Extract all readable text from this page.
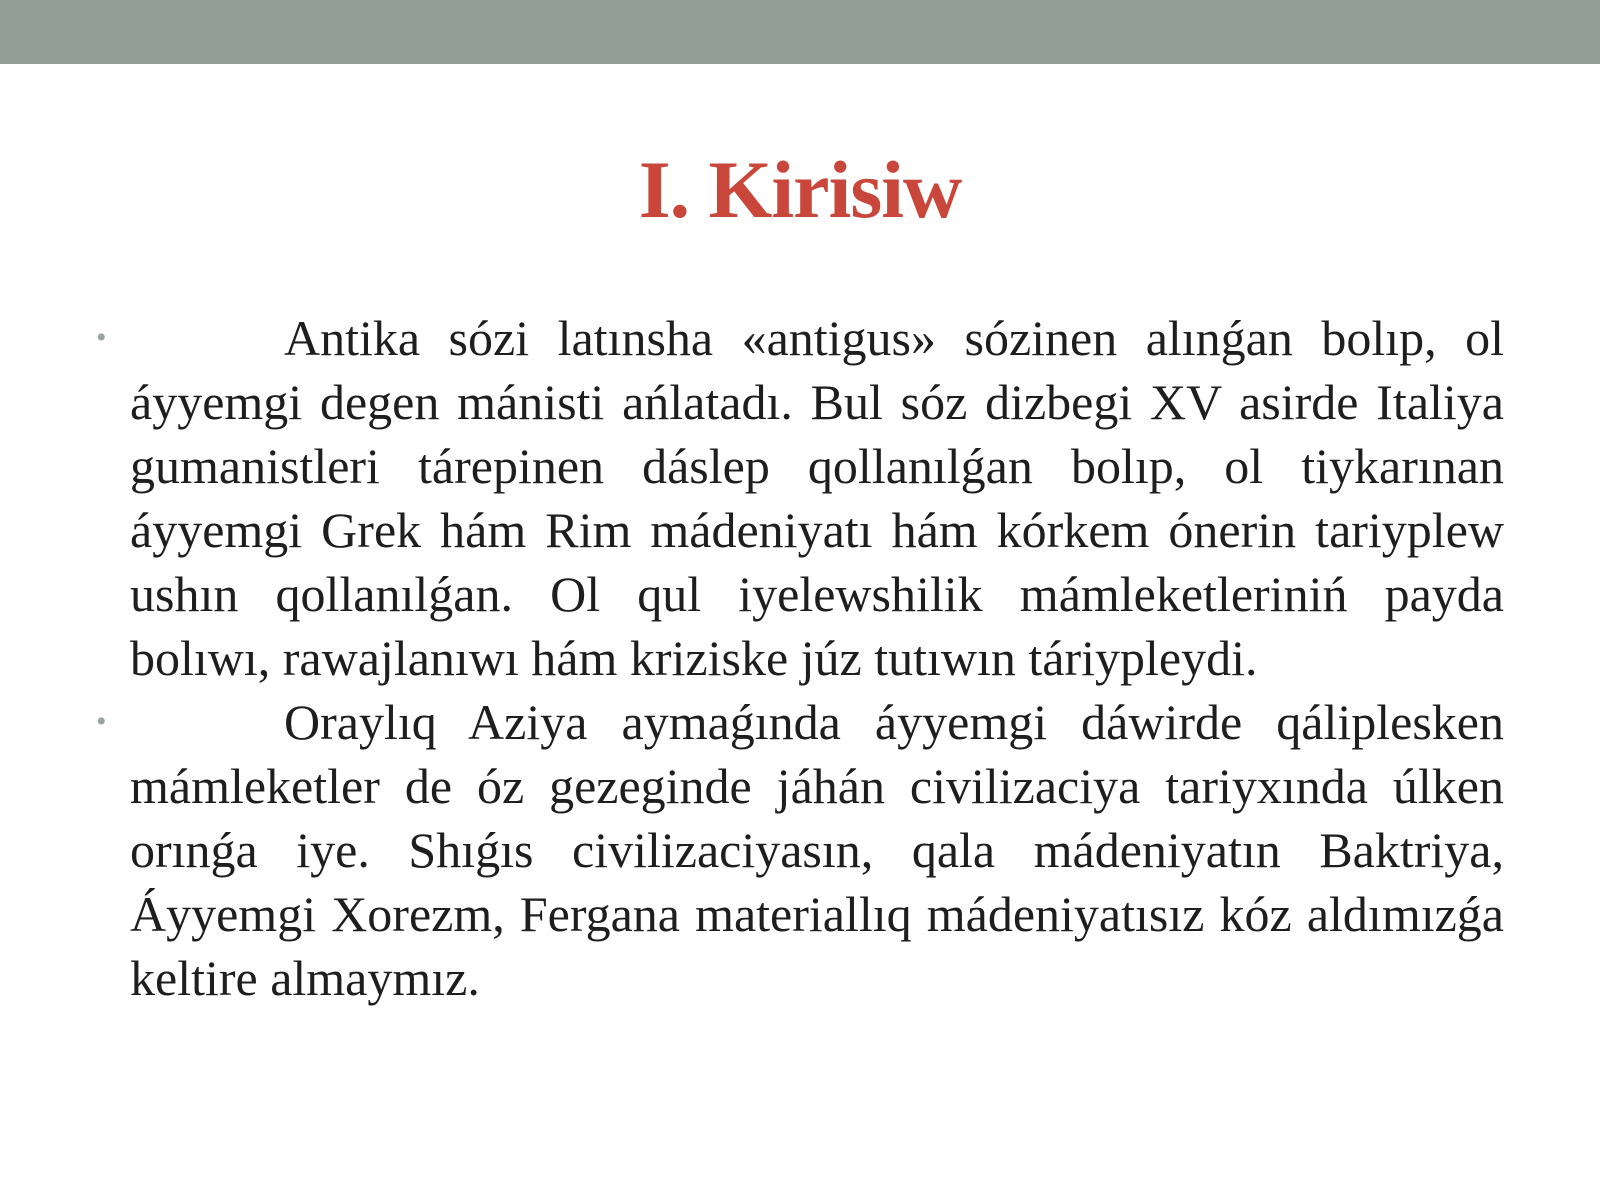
I. Kirisiw
•	Antika sózi latınsha «antigus» sózinen alınǵan bolıp, ol áyyemgi degen mánisti ańlatadı. Bul sóz dizbegi XV asirde Italiya gumanistleri tárepinen dáslep qollanılǵan bolıp, ol tiykarınan áyyemgi Grek hám Rim mádeniyatı hám kórkem ónerin tariyplew ushın qollanılǵan. Ol qul iyelewshilik mámleketleriniń payda bolıwı, rawajlanıwı hám kriziske júz tutıwın táriypleydi.
•	Oraylıq Aziya aymaǵında áyyemgi dáwirde qáliplesken mámleketler de óz gezeginde jáhán civilizaciya tariyxında úlken orınǵa iye. Shıǵıs civilizaciyasın, qala mádeniyatın Baktriya, Áyyemgi Xorezm, Fergana materiallıq mádeniyatısız kóz aldımızǵa keltire almaymız.
